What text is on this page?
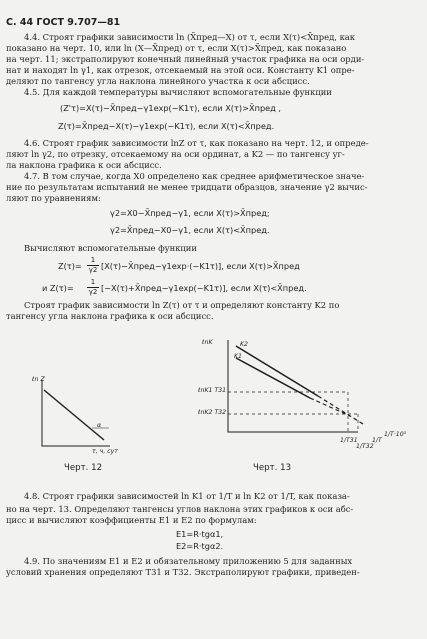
С. 44 ГОСТ 9.707—81
4.4. Строят графики зависимости ln (X̄пред—X) от τ, если X(τ)<X̄пред, как
показано на черт. 10, или ln (X—X̄пред) от τ, если X(τ)>X̄пред, как показано
на черт. 11; экстраполируют конечный линейный участок графика на оси орди-
нат и находят ln γ1, как отрезок, отсекаемый на этой оси. Константу K1 опре-
деляют по тангенсу угла наклона линейного участка к оси абсцисс.
4.5. Для каждой температуры вычисляют вспомогательные функции
(Z'τ)=X(τ)−X̄пред−γ1exp(−K1τ), если X(τ)>X̄пред ,
Z(τ)=X̄пред−X(τ)−γ1exp(−K1τ), если X(τ)<X̄пред.
4.6. Строят график зависимости lnZ от τ, как показано на черт. 12, и опреде-
ляют ln γ2, по отрезку, отсекаемому на оси ординат, а K2 — по тангенсу уг-
ла наклона графика к оси абсцисс.
4.7. В том случае, когда X0 определено как среднее арифметическое значе-
ние по результатам испытаний не менее тридцати образцов, значение γ2 вычис-
ляют по уравнениям:
γ2=X0−X̄пред−γ1, если X(τ)>X̄пред;
γ2=X̄пред−X0−γ1, если X(τ)<X̄пред.
Вычисляют вспомогательные функции
$Z(\tau)= \frac{1}{\gamma 2}$ [X(τ)−X̄пред−γ1exp·(−K1τ)], если X(τ)>X̄пред
и $Z(\tau)= \frac{1}{\gamma 2}$ [−X(τ)+X̄пред−γ1exp(−K1τ)], если X(τ)<X̄пред.
Строят график зависимости ln Z(τ) от τ и определяют константу K2 по
тангенсу угла наклона графика к оси абсцисс.
α
ℓn Z
τ, ч, сут
ℓnK	K2
K1
ℓnK1 T31
ℓnK2 T32
1/T31
1/T32
1/T
1/T·10³
Черт. 12	Черт. 13
4.8. Строят графики зависимостей ln K1 от 1/T и ln K2 от 1/T, как показа-
но на черт. 13. Определяют тангенсы углов наклона этих графиков к оси абс-
цисс и вычисляют коэффициенты E1 и E2 по формулам:
E1=R·tgα1,
E2=R·tgα2.
4.9. По значениям E1 и E2 и обязательному приложению 5 для заданных
условий хранения определяют T31 и T32. Экстраполируют графики, приведен-
